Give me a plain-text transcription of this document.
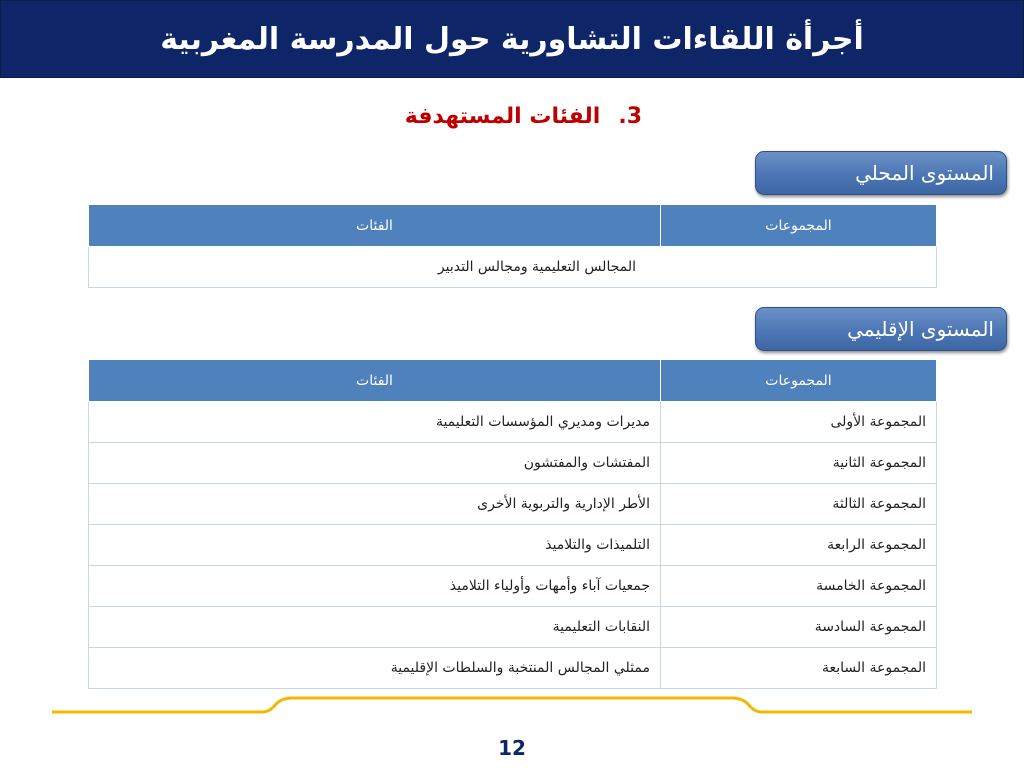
أجرأة اللقاءات التشاورية حول المدرسة المغربية
3.الفئات المستهدفة
المستوى المحلي
المجموعات	الفئات
المجالس التعليمية ومجالس التدبير
المستوى الإقليمي
المجموعات	الفئات
المجموعة الأولى	مديرات ومديري المؤسسات التعليمية
المجموعة الثانية	المفتشات والمفتشون
المجموعة الثالثة	الأطر الإدارية والتربوية الأخرى
المجموعة الرابعة	التلميذات والتلاميذ
المجموعة الخامسة	جمعيات آباء وأمهات وأولياء التلاميذ
المجموعة السادسة	النقابات التعليمية
المجموعة السابعة	ممثلي المجالس المنتخبة والسلطات الإقليمية
12
